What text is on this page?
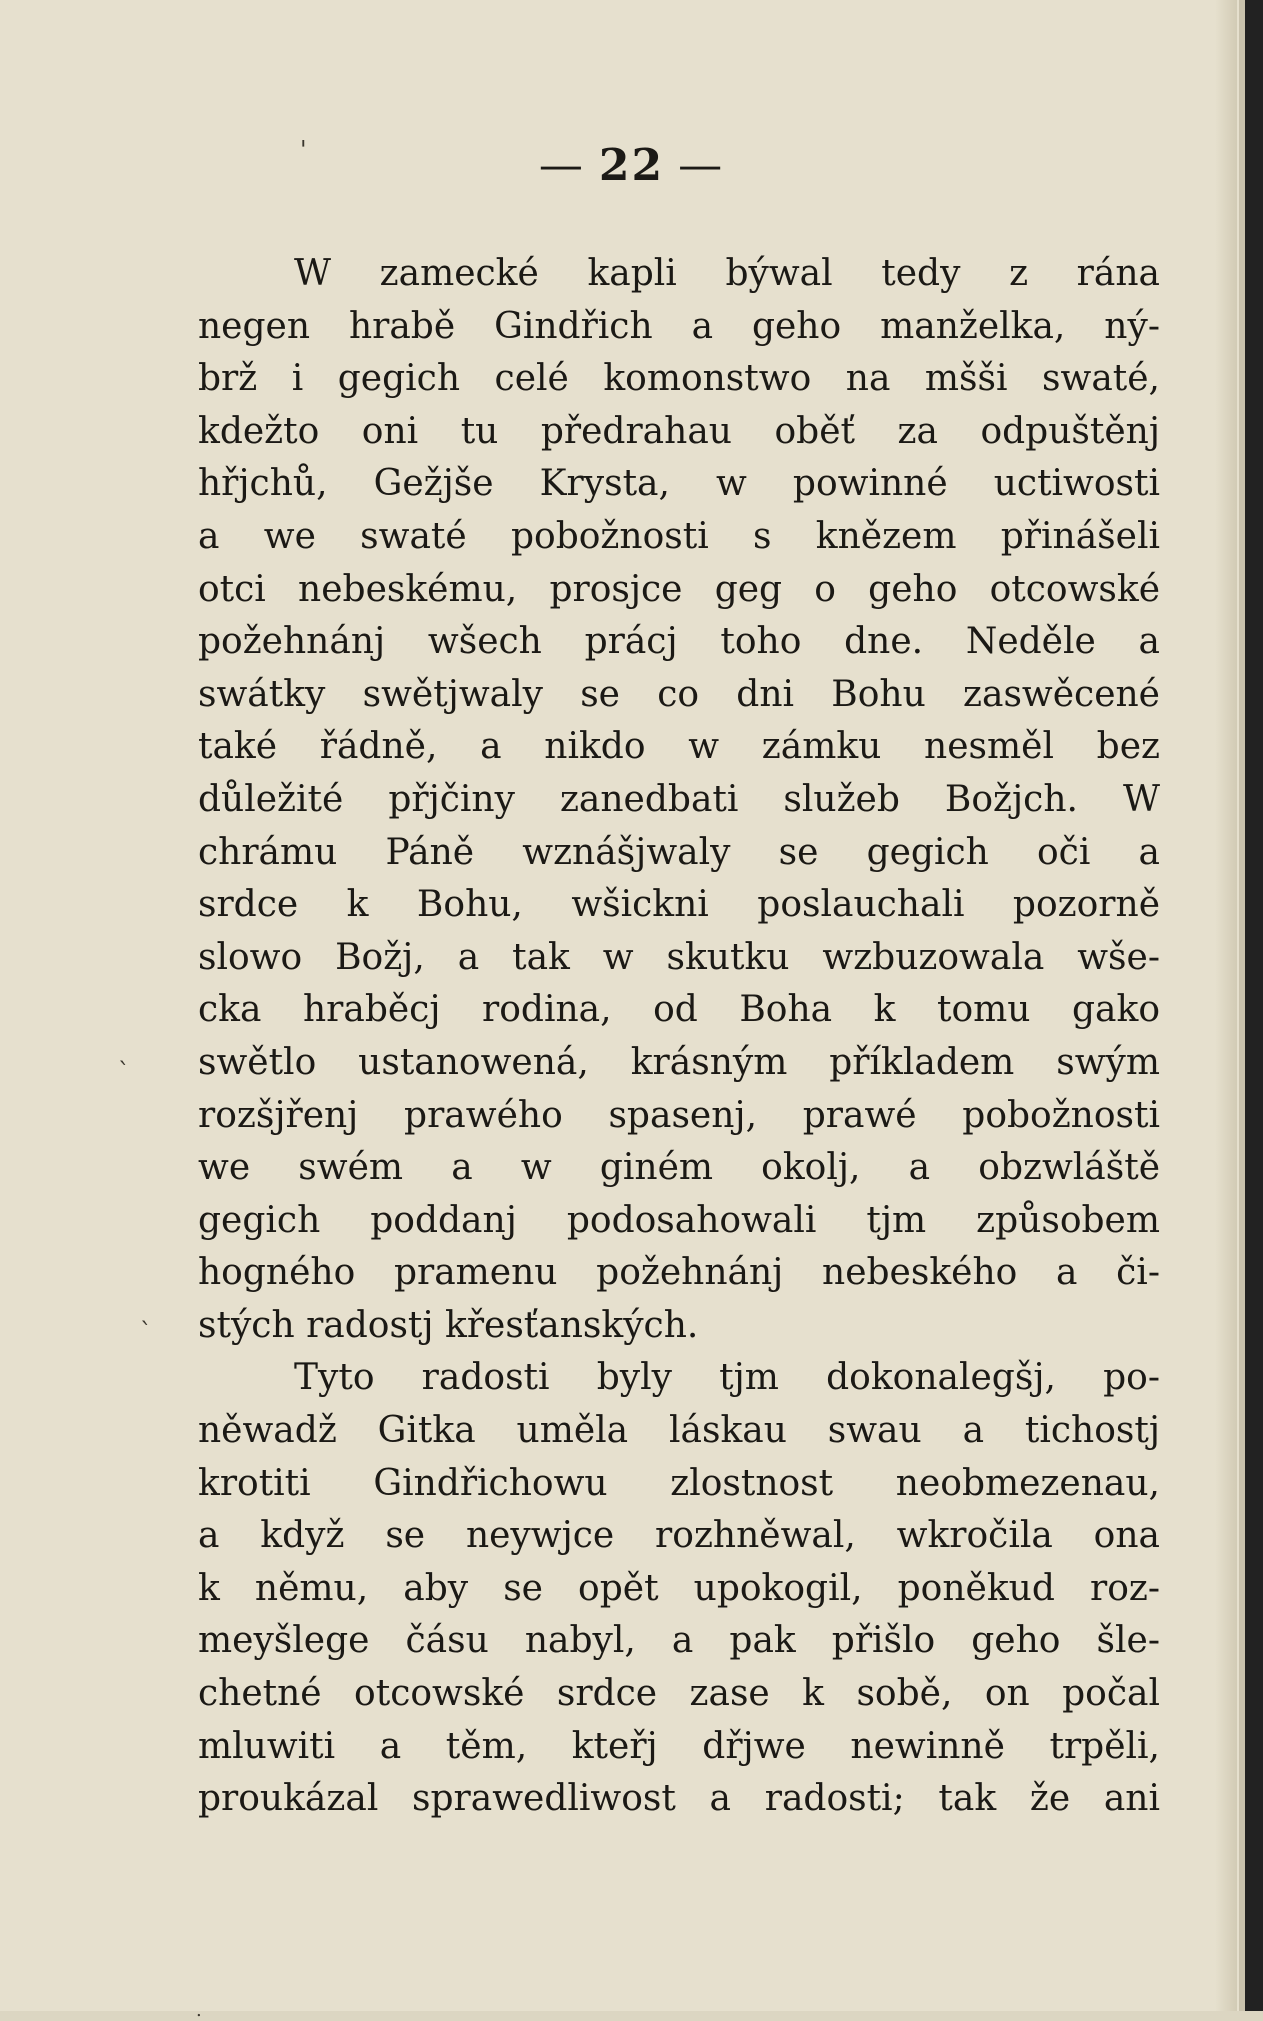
'
`
`
.
— 22 —
W zamecké kapli býwal tedy z rána
negen hrabě Gindřich a geho manželka, ný-
brž i gegich celé komonstwo na mšši swaté,
kdežto oni tu předrahau oběť za odpuštěnj
hřjchů, Gežjše Krysta, w powinné uctiwosti
a we swaté pobožnosti s knězem přinášeli
otci nebeskému, prosjce geg o geho otcowské
požehnánj wšech prácj toho dne. Neděle a
swátky swětjwaly se co dni Bohu zaswěcené
také řádně, a nikdo w zámku nesměl bez
důležité přjčiny zanedbati služeb Božjch. W
chrámu Páně wznášjwaly se gegich oči a
srdce k Bohu, wšickni poslauchali pozorně
slowo Božj, a tak w skutku wzbuzowala wše-
cka hraběcj rodina, od Boha k tomu gako
swětlo ustanowená, krásným příkladem swým
rozšjřenj prawého spasenj, prawé pobožnosti
we swém a w giném okolj, a obzwláště
gegich poddanj podosahowali tjm způsobem
hogného pramenu požehnánj nebeského a či-
stých radostj křesťanských.
Tyto radosti byly tjm dokonalegšj, po-
něwadž Gitka uměla láskau swau a tichostj
krotiti Gindřichowu zlostnost neobmezenau,
a když se neywjce rozhněwal, wkročila ona
k němu, aby se opět upokogil, poněkud roz-
meyšlege čásu nabyl, a pak přišlo geho šle-
chetné otcowské srdce zase k sobě, on počal
mluwiti a těm, kteřj dřjwe newinně trpěli,
proukázal sprawedliwost a radosti; tak že ani
